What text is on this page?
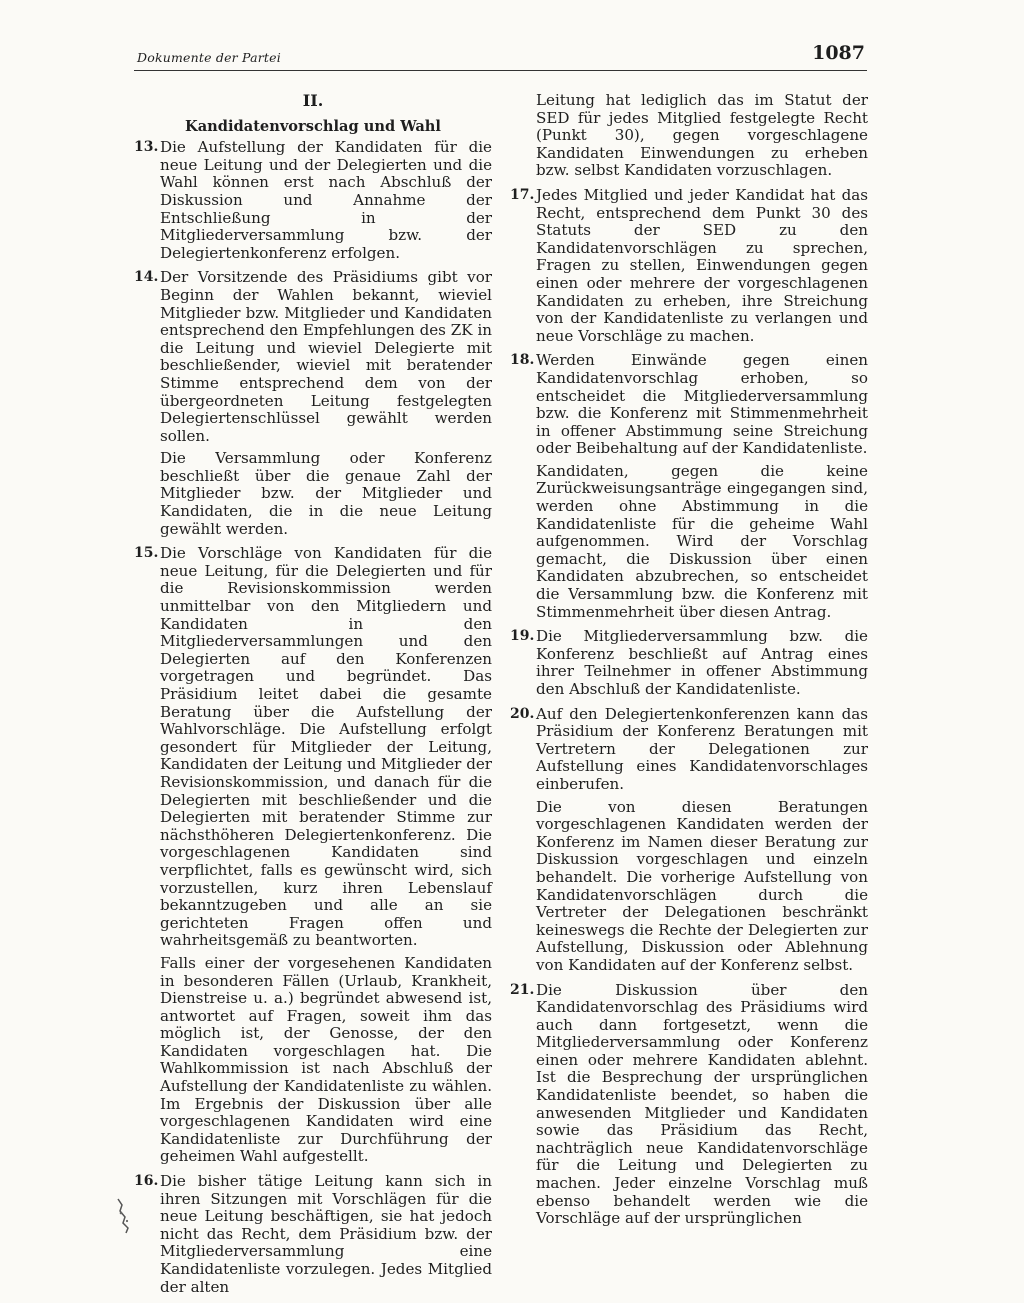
Dokumente der Partei	1087
II.
Kandidatenvorschlag und Wahl
13. Die Aufstellung der Kandidaten für die neue Leitung und der Delegierten und die Wahl können erst nach Abschluß der Diskussion und Annahme der Entschließung in der Mitgliederversammlung bzw. der Delegiertenkonferenz erfolgen.

14. Der Vorsitzende des Präsidiums gibt vor Beginn der Wahlen bekannt, wieviel Mitglieder bzw. Mitglieder und Kandidaten entsprechend den Empfehlungen des ZK in die Leitung und wieviel Delegierte mit beschließender, wieviel mit beratender Stimme entsprechend dem von der übergeordneten Leitung festgelegten Delegiertenschlüssel gewählt werden sollen.

Die Versammlung oder Konferenz beschließt über die genaue Zahl der Mitglieder bzw. der Mitglieder und Kandidaten, die in die neue Leitung gewählt werden.

15. Die Vorschläge von Kandidaten für die neue Leitung, für die Delegierten und für die Revisionskommission werden unmittelbar von den Mitgliedern und Kandidaten in den Mitgliederversammlungen und den Delegierten auf den Konferenzen vorgetragen und begründet. Das Präsidium leitet dabei die gesamte Beratung über die Aufstellung der Wahlvorschläge. Die Aufstellung erfolgt gesondert für Mitglieder der Leitung, Kandidaten der Leitung und Mitglieder der Revisionskommission, und danach für die Delegierten mit beschließender und die Delegierten mit beratender Stimme zur nächsthöheren Delegiertenkonferenz. Die vorgeschlagenen Kandidaten sind verpflichtet, falls es gewünscht wird, sich vorzustellen, kurz ihren Lebenslauf bekanntzugeben und alle an sie gerichteten Fragen offen und wahrheitsgemäß zu beantworten.

Falls einer der vorgesehenen Kandidaten in besonderen Fällen (Urlaub, Krankheit, Dienstreise u. a.) begründet abwesend ist, antwortet auf Fragen, soweit ihm das möglich ist, der Genosse, der den Kandidaten vorgeschlagen hat. Die Wahlkommission ist nach Abschluß der Aufstellung der Kandidatenliste zu wählen. Im Ergebnis der Diskussion über alle vorgeschlagenen Kandidaten wird eine Kandidatenliste zur Durchführung der geheimen Wahl aufgestellt.

16. Die bisher tätige Leitung kann sich in ihren Sitzungen mit Vorschlägen für die neue Leitung beschäftigen, sie hat jedoch nicht das Recht, dem Präsidium bzw. der Mitgliederversammlung eine Kandidatenliste vorzulegen. Jedes Mitglied der alten

Leitung hat lediglich das im Statut der SED für jedes Mitglied festgelegte Recht (Punkt 30), gegen vorgeschlagene Kandidaten Einwendungen zu erheben bzw. selbst Kandidaten vorzuschlagen.

17. Jedes Mitglied und jeder Kandidat hat das Recht, entsprechend dem Punkt 30 des Statuts der SED zu den Kandidatenvorschlägen zu sprechen, Fragen zu stellen, Einwendungen gegen einen oder mehrere der vorgeschlagenen Kandidaten zu erheben, ihre Streichung von der Kandidatenliste zu verlangen und neue Vorschläge zu machen.

18. Werden Einwände gegen einen Kandidatenvorschlag erhoben, so entscheidet die Mitgliederversammlung bzw. die Konferenz mit Stimmenmehrheit in offener Abstimmung seine Streichung oder Beibehaltung auf der Kandidatenliste.

Kandidaten, gegen die keine Zurückweisungsanträge eingegangen sind, werden ohne Abstimmung in die Kandidatenliste für die geheime Wahl aufgenommen. Wird der Vorschlag gemacht, die Diskussion über einen Kandidaten abzubrechen, so entscheidet die Versammlung bzw. die Konferenz mit Stimmenmehrheit über diesen Antrag.

19. Die Mitgliederversammlung bzw. die Konferenz beschließt auf Antrag eines ihrer Teilnehmer in offener Abstimmung den Abschluß der Kandidatenliste.

20. Auf den Delegiertenkonferenzen kann das Präsidium der Konferenz Beratungen mit Vertretern der Delegationen zur Aufstellung eines Kandidatenvorschlages einberufen.

Die von diesen Beratungen vorgeschlagenen Kandidaten werden der Konferenz im Namen dieser Beratung zur Diskussion vorgeschlagen und einzeln behandelt. Die vorherige Aufstellung von Kandidatenvorschlägen durch die Vertreter der Delegationen beschränkt keineswegs die Rechte der Delegierten zur Aufstellung, Diskussion oder Ablehnung von Kandidaten auf der Konferenz selbst.

21. Die Diskussion über den Kandidatenvorschlag des Präsidiums wird auch dann fortgesetzt, wenn die Mitgliederversammlung oder Konferenz einen oder mehrere Kandidaten ablehnt. Ist die Besprechung der ursprünglichen Kandidatenliste beendet, so haben die anwesenden Mitglieder und Kandidaten sowie das Präsidium das Recht, nachträglich neue Kandidatenvorschläge für die Leitung und Delegierten zu machen. Jeder einzelne Vorschlag muß ebenso behandelt werden wie die Vorschläge auf der ursprünglichen
